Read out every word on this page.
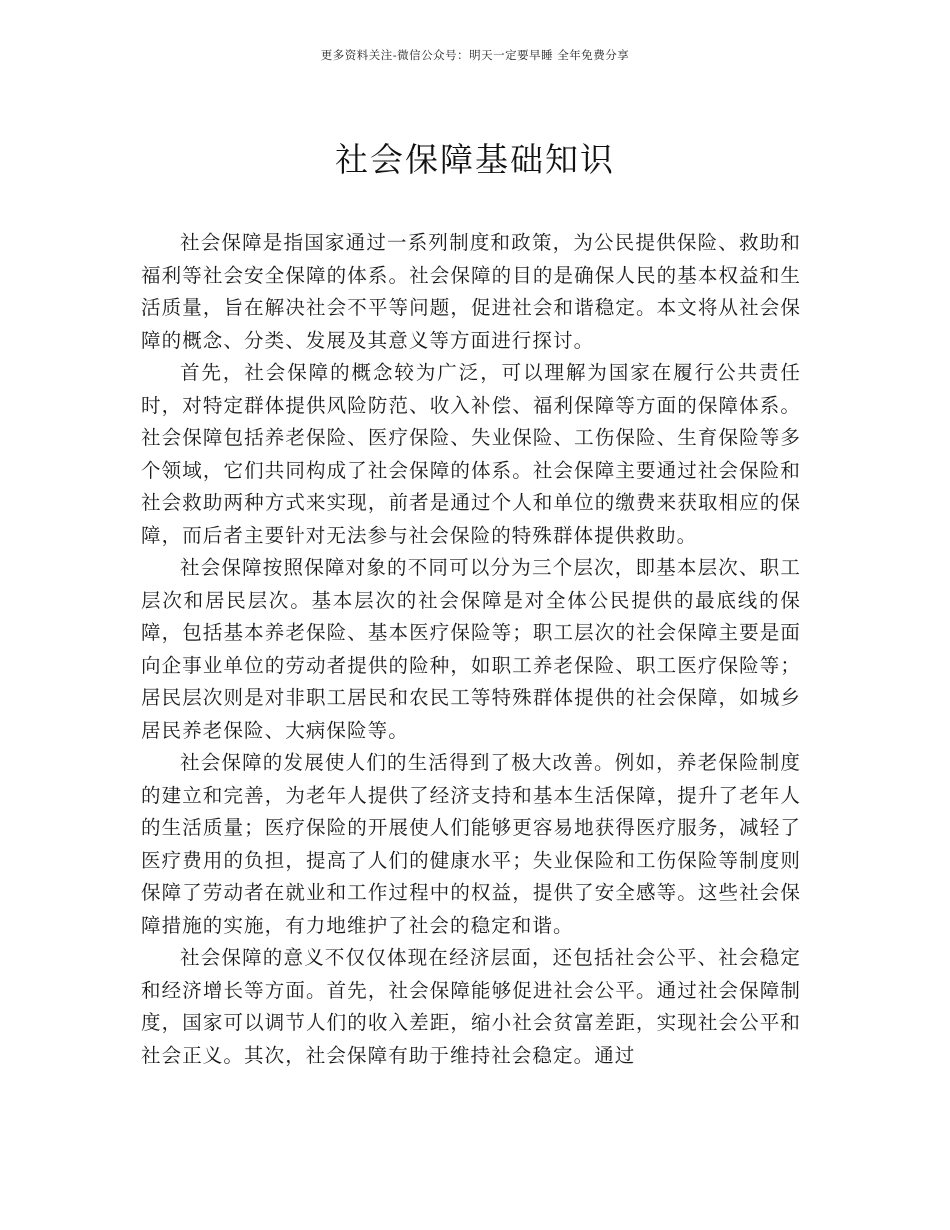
更多资料关注-微信公众号：明天一定要早睡 全年免费分享
社会保障基础知识

社会保障是指国家通过一系列制度和政策，为公民提供保险、救助和福利等社会安全保障的体系。社会保障的目的是确保人民的基本权益和生活质量，旨在解决社会不平等问题，促进社会和谐稳定。本文将从社会保障的概念、分类、发展及其意义等方面进行探讨。

首先，社会保障的概念较为广泛，可以理解为国家在履行公共责任时，对特定群体提供风险防范、收入补偿、福利保障等方面的保障体系。社会保障包括养老保险、医疗保险、失业保险、工伤保险、生育保险等多个领域，它们共同构成了社会保障的体系。社会保障主要通过社会保险和社会救助两种方式来实现，前者是通过个人和单位的缴费来获取相应的保障，而后者主要针对无法参与社会保险的特殊群体提供救助。

社会保障按照保障对象的不同可以分为三个层次，即基本层次、职工层次和居民层次。基本层次的社会保障是对全体公民提供的最底线的保障，包括基本养老保险、基本医疗保险等；职工层次的社会保障主要是面向企事业单位的劳动者提供的险种，如职工养老保险、职工医疗保险等；居民层次则是对非职工居民和农民工等特殊群体提供的社会保障，如城乡居民养老保险、大病保险等。

社会保障的发展使人们的生活得到了极大改善。例如，养老保险制度的建立和完善，为老年人提供了经济支持和基本生活保障，提升了老年人的生活质量；医疗保险的开展使人们能够更容易地获得医疗服务，减轻了医疗费用的负担，提高了人们的健康水平；失业保险和工伤保险等制度则保障了劳动者在就业和工作过程中的权益，提供了安全感等。这些社会保障措施的实施，有力地维护了社会的稳定和谐。

社会保障的意义不仅仅体现在经济层面，还包括社会公平、社会稳定和经济增长等方面。首先，社会保障能够促进社会公平。通过社会保障制度，国家可以调节人们的收入差距，缩小社会贫富差距，实现社会公平和社会正义。其次，社会保障有助于维持社会稳定。通过
